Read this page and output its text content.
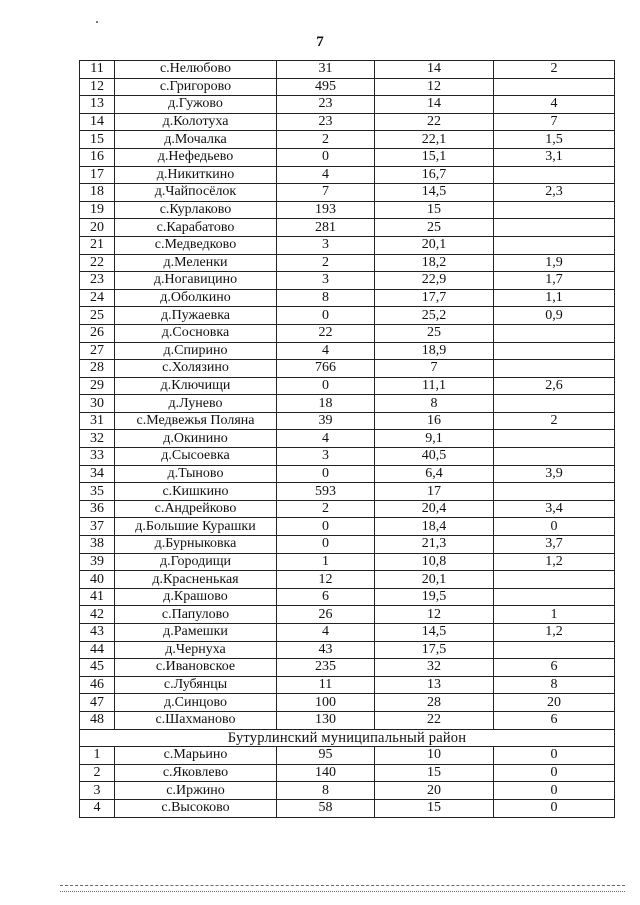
7
11	с.Нелюбово	31	14	2
12	с.Григорово	495	12	
13	д.Гужово	23	14	4
14	д.Колотуха	23	22	7
15	д.Мочалка	2	22,1	1,5
16	д.Нефедьево	0	15,1	3,1
17	д.Никиткино	4	16,7	
18	д.Чайпосёлок	7	14,5	2,3
19	с.Курлаково	193	15	
20	с.Карабатово	281	25	
21	с.Медведково	3	20,1	
22	д.Меленки	2	18,2	1,9
23	д.Ногавицино	3	22,9	1,7
24	д.Оболкино	8	17,7	1,1
25	д.Пужаевка	0	25,2	0,9
26	д.Сосновка	22	25	
27	д.Спирино	4	18,9	
28	с.Холязино	766	7	
29	д.Ключищи	0	11,1	2,6
30	д.Лунево	18	8	
31	с.Медвежья Поляна	39	16	2
32	д.Окинино	4	9,1	
33	д.Сысоевка	3	40,5	
34	д.Тыново	0	6,4	3,9
35	с.Кишкино	593	17	
36	с.Андрейково	2	20,4	3,4
37	д.Большие Курашки	0	18,4	0
38	д.Бурныковка	0	21,3	3,7
39	д.Городищи	1	10,8	1,2
40	д.Красненькая	12	20,1	
41	д.Крашово	6	19,5	
42	с.Папулово	26	12	1
43	д.Рамешки	4	14,5	1,2
44	д.Чернуха	43	17,5	
45	с.Ивановское	235	32	6
46	с.Лубянцы	11	13	8
47	д.Синцово	100	28	20
48	с.Шахманово	130	22	6
Бутурлинский муниципальный район				
1	с.Марьино	95	10	0
2	с.Яковлево	140	15	0
3	с.Иржино	8	20	0
4	с.Высоково	58	15	0
